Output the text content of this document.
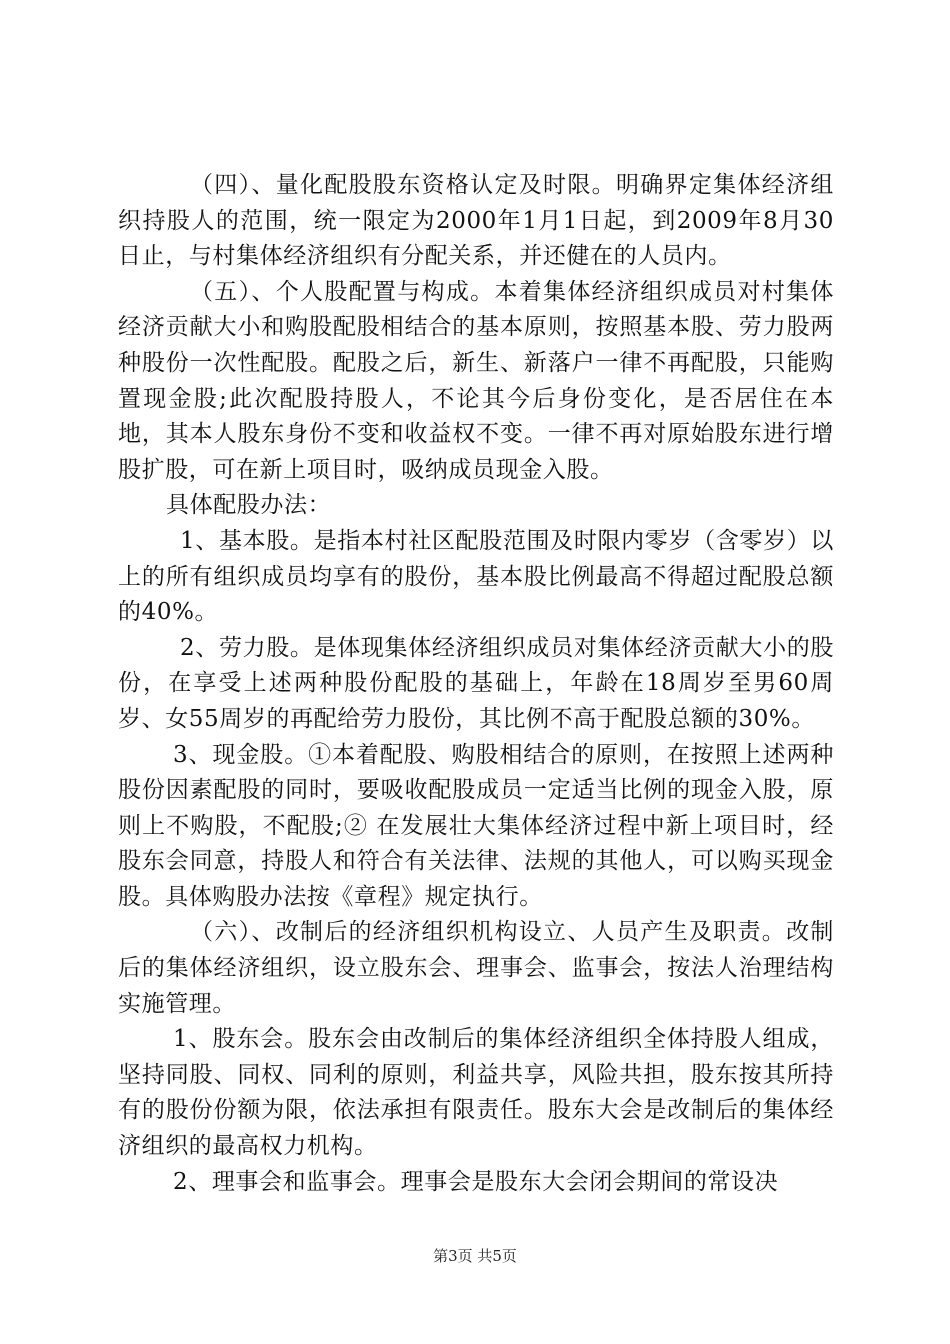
（四）、量化配股股东资格认定及时限。明确界定集体经济组织持股人的范围，统一限定为2000年1月1日起，到2009年8月30日止，与村集体经济组织有分配关系，并还健在的人员内。

（五）、个人股配置与构成。本着集体经济组织成员对村集体经济贡献大小和购股配股相结合的基本原则，按照基本股、劳力股两种股份一次性配股。配股之后，新生、新落户一律不再配股，只能购置现金股;此次配股持股人，不论其今后身份变化，是否居住在本地，其本人股东身份不变和收益权不变。一律不再对原始股东进行增股扩股，可在新上项目时，吸纳成员现金入股。

具体配股办法：

1、基本股。是指本村社区配股范围及时限内零岁（含零岁）以上的所有组织成员均享有的股份，基本股比例最高不得超过配股总额的40%。

2、劳力股。是体现集体经济组织成员对集体经济贡献大小的股份，在享受上述两种股份配股的基础上，年龄在18周岁至男60周岁、女55周岁的再配给劳力股份，其比例不高于配股总额的30%。

3、现金股。①本着配股、购股相结合的原则，在按照上述两种股份因素配股的同时，要吸收配股成员一定适当比例的现金入股，原则上不购股，不配股;② 在发展壮大集体经济过程中新上项目时，经股东会同意，持股人和符合有关法律、法规的其他人，可以购买现金股。具体购股办法按《章程》规定执行。

（六）、改制后的经济组织机构设立、人员产生及职责。改制后的集体经济组织，设立股东会、理事会、监事会，按法人治理结构实施管理。

1、股东会。股东会由改制后的集体经济组织全体持股人组成，坚持同股、同权、同利的原则，利益共享，风险共担，股东按其所持有的股份份额为限，依法承担有限责任。股东大会是改制后的集体经济组织的最高权力机构。

2、理事会和监事会。理事会是股东大会闭会期间的常设决

第3页 共5页
